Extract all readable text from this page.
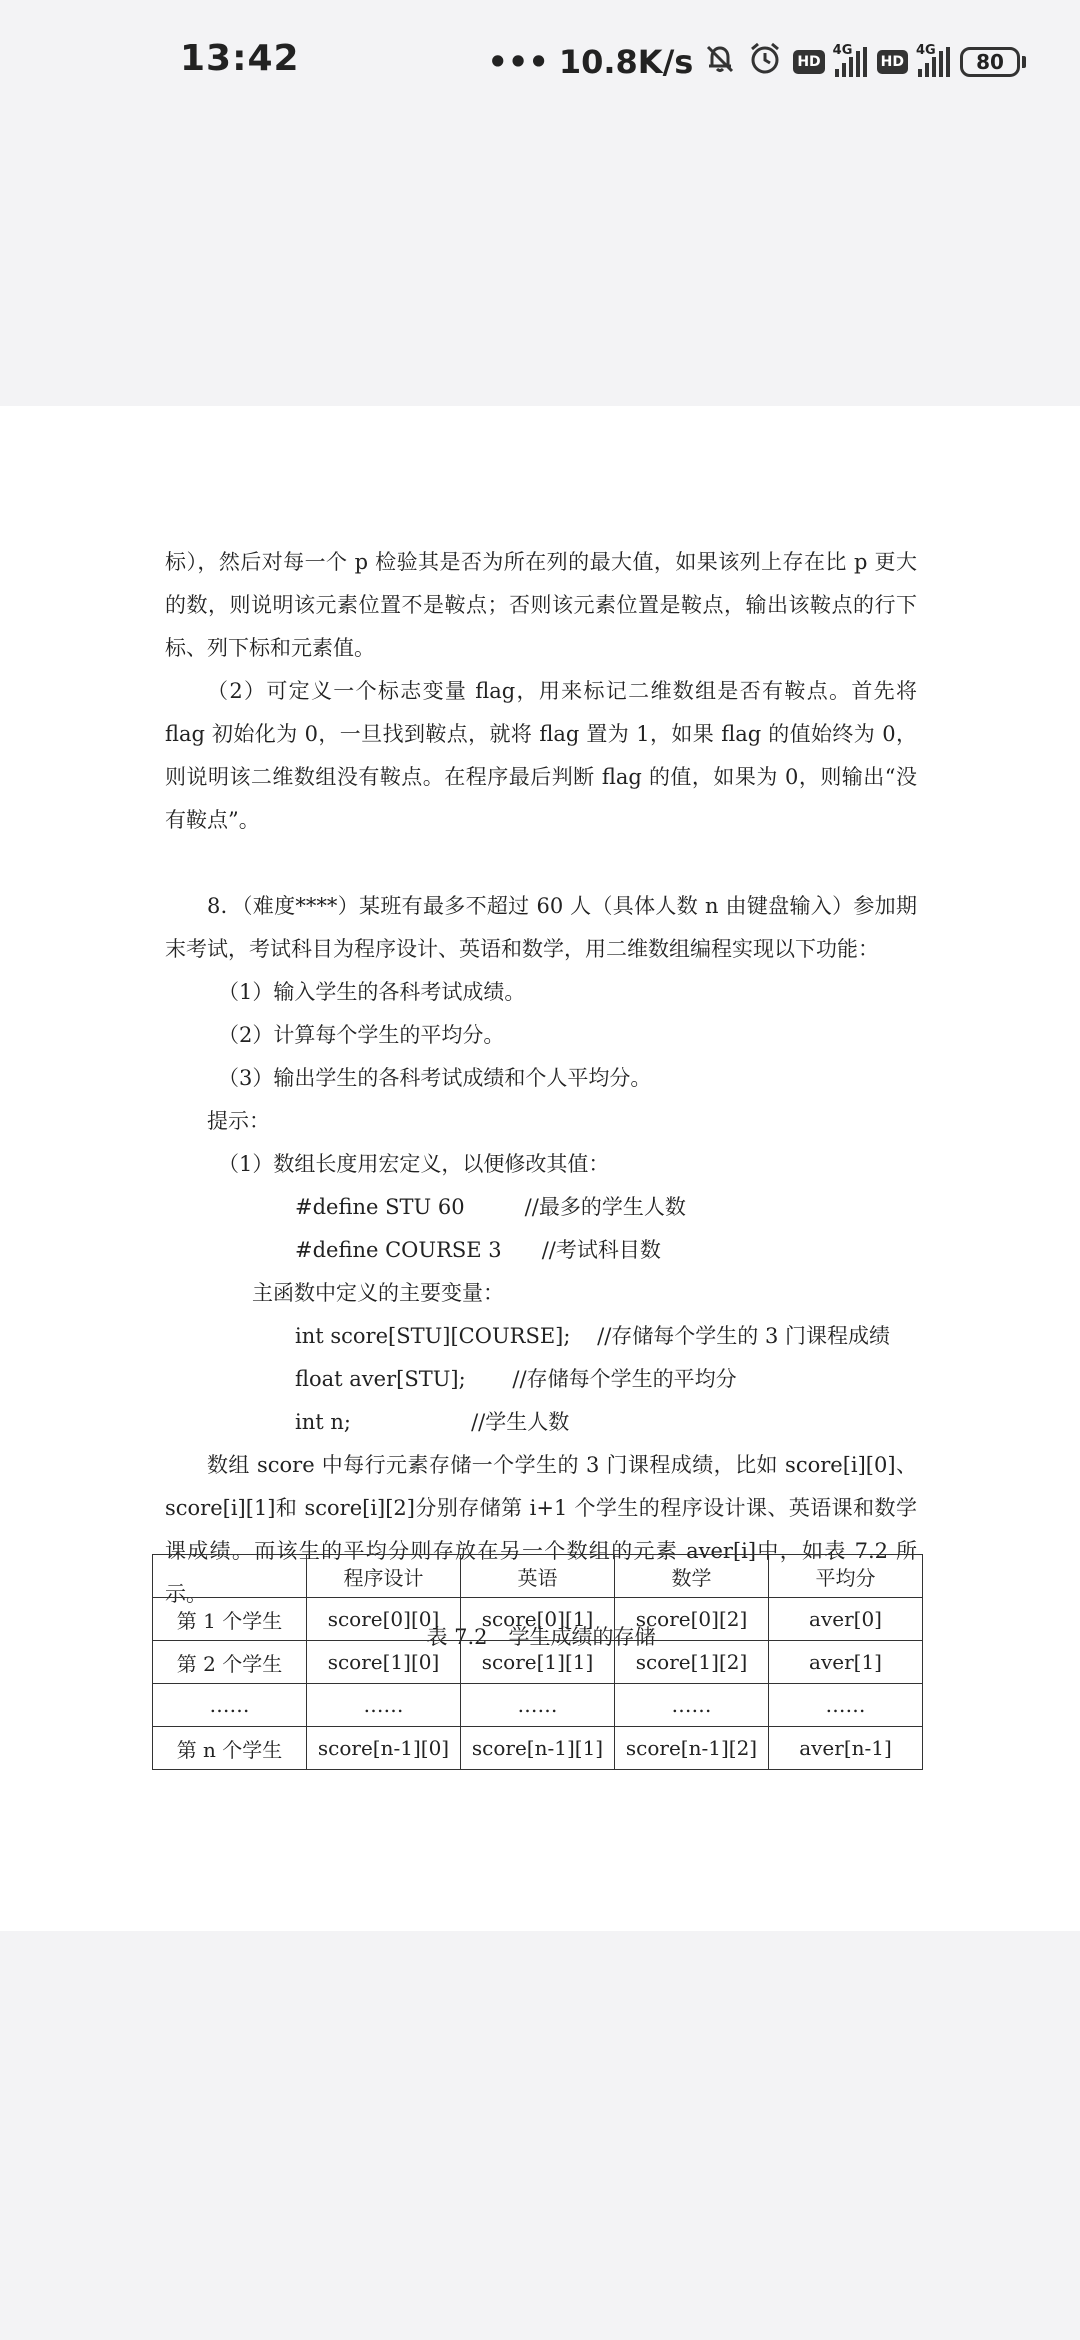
13:42	••• 10.8K/s	HD
4G
HD
4G	80

标），然后对每一个 p 检验其是否为所在列的最大值，如果该列上存在比 p 更大的数，则说明该元素位置不是鞍点；否则该元素位置是鞍点，输出该鞍点的行下标、列下标和元素值。

（2）可定义一个标志变量 flag，用来标记二维数组是否有鞍点。首先将 flag 初始化为 0，一旦找到鞍点，就将 flag 置为 1，如果 flag 的值始终为 0，则说明该二维数组没有鞍点。在程序最后判断 flag 的值，如果为 0，则输出“没有鞍点”。

8．（难度****）某班有最多不超过 60 人（具体人数 n 由键盘输入）参加期末考试，考试科目为程序设计、英语和数学，用二维数组编程实现以下功能：

（1）输入学生的各科考试成绩。

（2）计算每个学生的平均分。

（3）输出学生的各科考试成绩和个人平均分。

提示：

（1）数组长度用宏定义，以便修改其值：

#define STU 60         //最多的学生人数

#define COURSE 3      //考试科目数

主函数中定义的主要变量：

int score[STU][COURSE];    //存储每个学生的 3 门课程成绩

float aver[STU];       //存储每个学生的平均分

int n;                  //学生人数

数组 score 中每行元素存储一个学生的 3 门课程成绩，比如 score[i][0]、score[i][1]和 score[i][2]分别存储第 i+1 个学生的程序设计课、英语课和数学课成绩。而该生的平均分则存放在另一个数组的元素 aver[i]中，如表 7.2 所示。

表 7.2　学生成绩的存储

	程序设计	英语	数学	平均分
第 1 个学生	score[0][0]	score[0][1]	score[0][2]	aver[0]
第 2 个学生	score[1][0]	score[1][1]	score[1][2]	aver[1]
……	……	……	……	……
第 n 个学生	score[n-1][0]	score[n-1][1]	score[n-1][2]	aver[n-1]
